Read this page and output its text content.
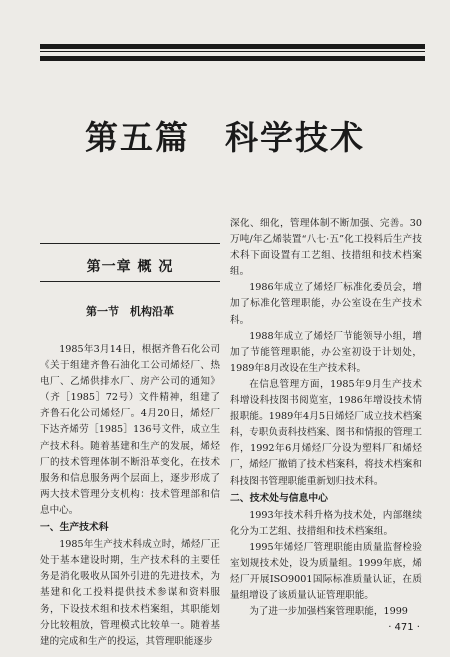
第五篇　科学技术
第一章 概 况
第一节　机构沿革

1985年3月14日，根据齐鲁石化公司《关于组建齐鲁石油化工公司烯烃厂、热电厂、乙烯供排水厂、房产公司的通知》（齐［1985］72号）文件精神，组建了齐鲁石化公司烯烃厂。4月20日，烯烃厂下达齐烯劳［1985］136号文件，成立生产技术科。随着基建和生产的发展，烯烃厂的技术管理体制不断沿革变化，在技术服务和信息服务两个层面上，逐步形成了两大技术管理分支机构：技术管理部和信息中心。

一、生产技术科

1985年生产技术科成立时，烯烃厂正处于基本建设时期，生产技术科的主要任务是消化吸收从国外引进的先进技术，为基建和化工投料提供技术参谋和资料服务，下设技术组和技术档案组，其职能划分比较粗放，管理模式比较单一。随着基建的完成和生产的投运，其管理职能逐步

深化、细化，管理体制不断加强、完善。30万吨/年乙烯装置“八七·五”化工投料后生产技术科下面设置有工艺组、技措组和技术档案组。

1986年成立了烯烃厂标准化委员会，增加了标准化管理职能，办公室设在生产技术科。

1988年成立了烯烃厂节能领导小组，增加了节能管理职能，办公室初设于计划处，1989年8月改设在生产技术科。

在信息管理方面，1985年9月生产技术科增设科技图书阅览室，1986年增设技术情报职能。1989年4月5日烯烃厂成立技术档案科，专职负责科技档案、图书和情报的管理工作，1992年6月烯烃厂分设为塑料厂和烯烃厂，烯烃厂撤销了技术档案科，将技术档案和科技图书管理职能重新划归技术科。

二、技术处与信息中心

1993年技术科升格为技术处，内部继续化分为工艺组、技措组和技术档案组。

1995年烯烃厂管理职能由质量监督检验室划规技术处，设为质量组。1999年底，烯烃厂开展ISO9001国际标准质量认证，在质量组增设了该质量认证管理职能。

为了进一步加强档案管理职能，1999

· 471 ·
